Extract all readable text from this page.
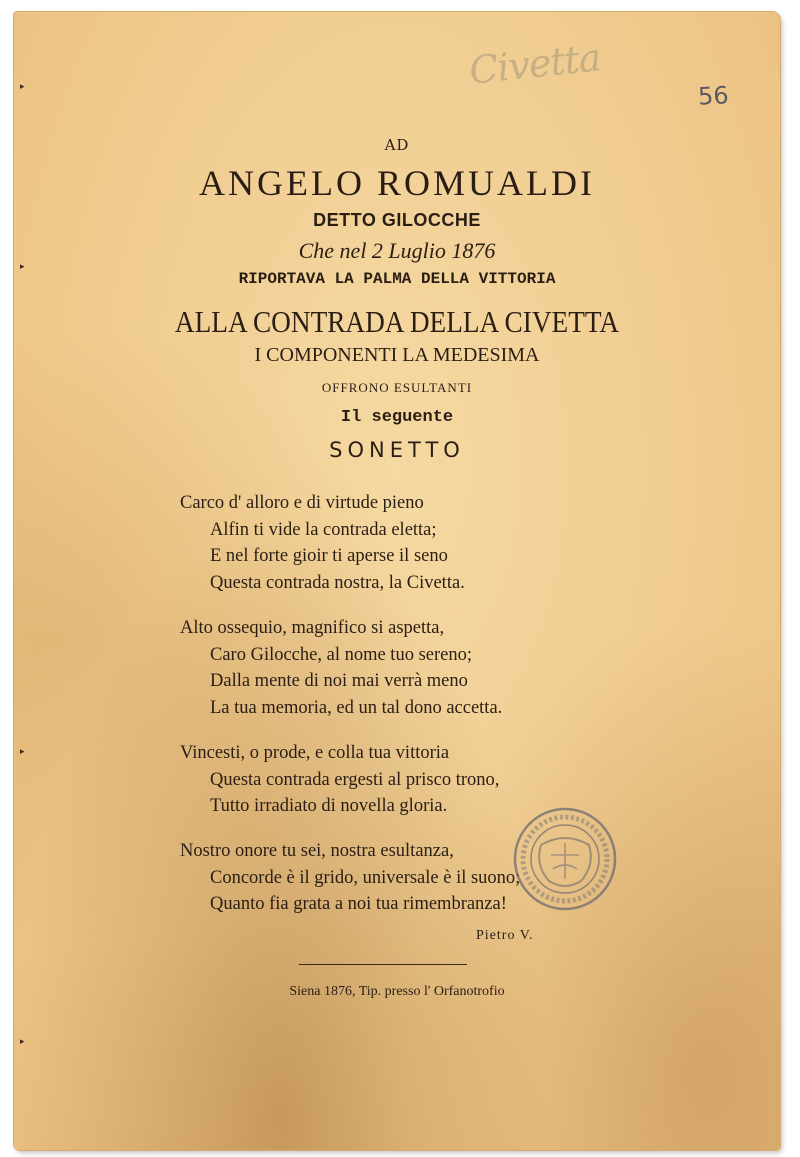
Civetta
56
▸
▸
▸
▸
AD
ANGELO ROMUALDI
DETTO GILOCCHE
Che nel 2 Luglio 1876
RIPORTAVA LA PALMA DELLA VITTORIA
ALLA CONTRADA DELLA CIVETTA
I COMPONENTI LA MEDESIMA
OFFRONO ESULTANTI
Il seguente
SONETTO
Carco d' alloro e di virtude pieno
Alfin ti vide la contrada eletta;
E nel forte gioir ti aperse il seno
Questa contrada nostra, la Civetta.
Alto ossequio, magnifico si aspetta,
Caro Gilocche, al nome tuo sereno;
Dalla mente di noi mai verrà meno
La tua memoria, ed un tal dono accetta.
Vincesti, o prode, e colla tua vittoria
Questa contrada ergesti al prisco trono,
Tutto irradiato di novella gloria.
Nostro onore tu sei, nostra esultanza,
Concorde è il grido, universale è il suono;
Quanto fia grata a noi tua rimembranza!
Pietro V.
Siena 1876, Tip. presso l' Orfanotrofio
